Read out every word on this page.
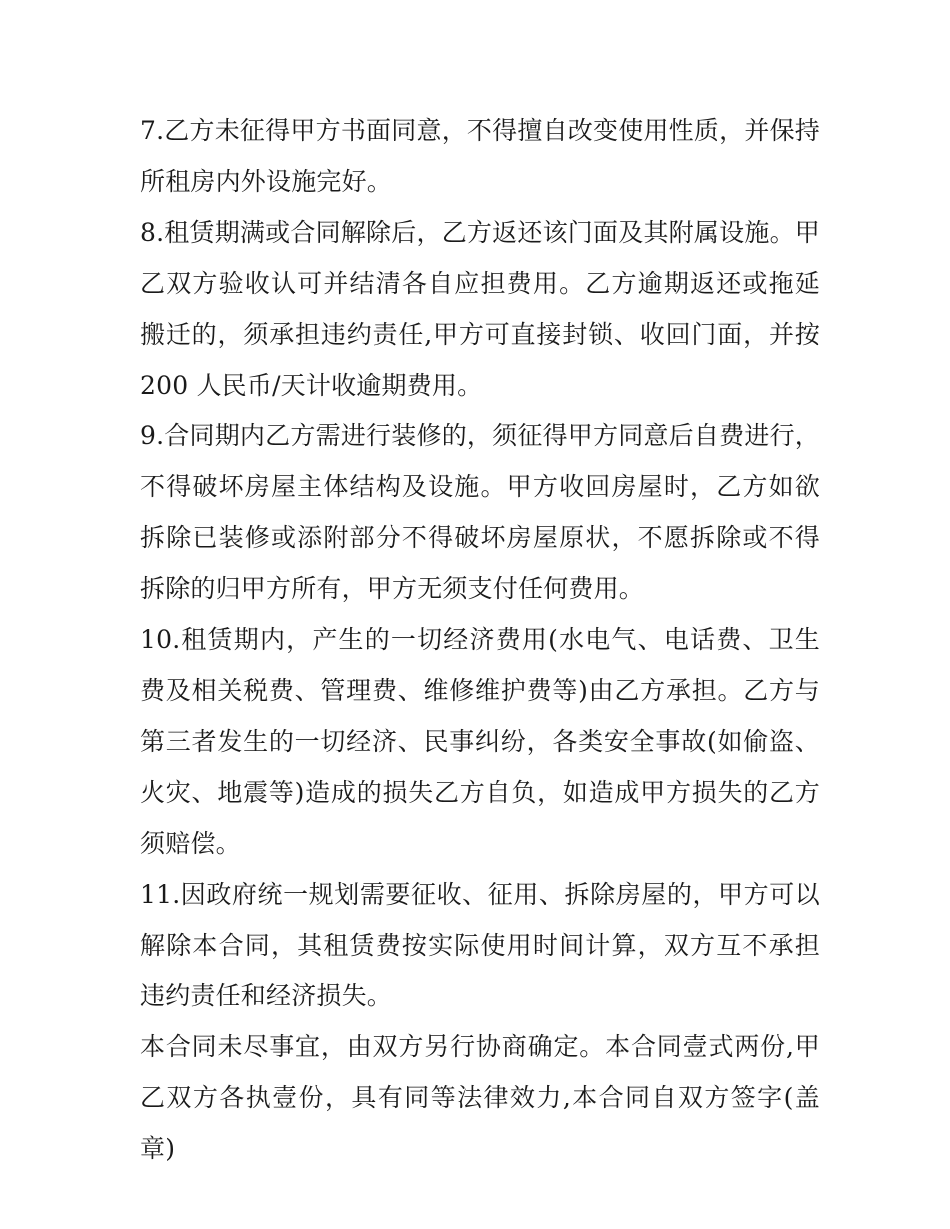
7.乙方未征得甲方书面同意，不得擅自改变使用性质，并保持所租房内外设施完好。

8.租赁期满或合同解除后，乙方返还该门面及其附属设施。甲乙双方验收认可并结清各自应担费用。乙方逾期返还或拖延搬迁的，须承担违约责任,甲方可直接封锁、收回门面，并按 200 人民币/天计收逾期费用。

9.合同期内乙方需进行装修的，须征得甲方同意后自费进行，不得破坏房屋主体结构及设施。甲方收回房屋时，乙方如欲拆除已装修或添附部分不得破坏房屋原状，不愿拆除或不得拆除的归甲方所有，甲方无须支付任何费用。

10.租赁期内，产生的一切经济费用(水电气、电话费、卫生费及相关税费、管理费、维修维护费等)由乙方承担。乙方与第三者发生的一切经济、民事纠纷，各类安全事故(如偷盗、火灾、地震等)造成的损失乙方自负，如造成甲方损失的乙方须赔偿。

11.因政府统一规划需要征收、征用、拆除房屋的，甲方可以解除本合同，其租赁费按实际使用时间计算，双方互不承担违约责任和经济损失。

本合同未尽事宜，由双方另行协商确定。本合同壹式两份,甲乙双方各执壹份，具有同等法律效力,本合同自双方签字(盖章)
